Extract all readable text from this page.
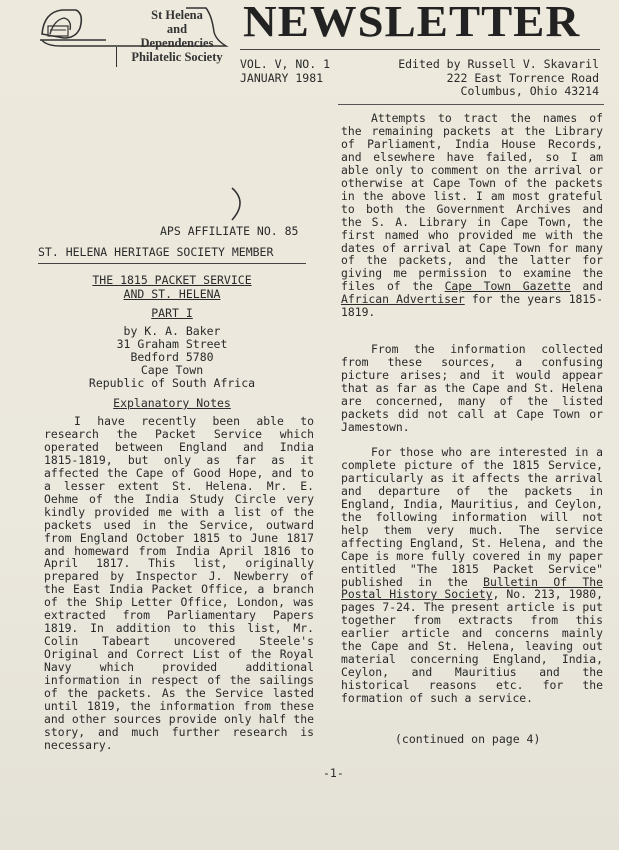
St Helena
and
Dependencies
Philatelic Society
NEWSLETTER
VOL. V, NO. 1
JANUARY 1981
Edited by Russell V. Skavaril
222 East Torrence Road
Columbus, Ohio 43214
APS AFFILIATE NO. 85
ST. HELENA HERITAGE SOCIETY MEMBER
THE 1815 PACKET SERVICE
AND ST. HELENA
PART I
by K. A. Baker
31 Graham Street
Bedford 5780
Cape Town
Republic of South Africa
Explanatory Notes

I have recently been able to research the Packet Service which operated between England and India 1815-1819, but only as far as it affected the Cape of Good Hope, and to a lesser extent St. Helena. Mr. E. Oehme of the India Study Circle very kindly provided me with a list of the packets used in the Service, outward from England October 1815 to June 1817 and homeward from India April 1816 to April 1817. This list, originally prepared by Inspector J. Newberry of the East India Packet Office, a branch of the Ship Letter Office, London, was extracted from Parliamentary Papers 1819. In addition to this list, Mr. Colin Tabeart uncovered Steele's Original and Correct List of the Royal Navy which provided additional information in respect of the sailings of the packets. As the Service lasted until 1819, the information from these and other sources provide only half the story, and much further research is necessary.

-1-

Attempts to tract the names of the remaining packets at the Library of Parliament, India House Records, and elsewhere have failed, so I am able only to comment on the arrival or otherwise at Cape Town of the packets in the above list. I am most grateful to both the Government Archives and the S. A. Library in Cape Town, the first named who provided me with the dates of arrival at Cape Town for many of the packets, and the latter for giving me permission to examine the files of the Cape Town Gazette and African Advertiser for the years 1815-1819.

From the information collected from these sources, a confusing picture arises; and it would appear that as far as the Cape and St. Helena are concerned, many of the listed packets did not call at Cape Town or Jamestown.

For those who are interested in a complete picture of the 1815 Service, particularly as it affects the arrival and departure of the packets in England, India, Mauritius, and Ceylon, the following information will not help them very much. The service affecting England, St. Helena, and the Cape is more fully covered in my paper entitled "The 1815 Packet Service" published in the Bulletin Of The Postal History Society, No. 213, 1980, pages 7-24. The present article is put together from extracts from this earlier article and concerns mainly the Cape and St. Helena, leaving out material concerning England, India, Ceylon, and Mauritius and the historical reasons etc. for the formation of such a service.

(continued on page 4)
